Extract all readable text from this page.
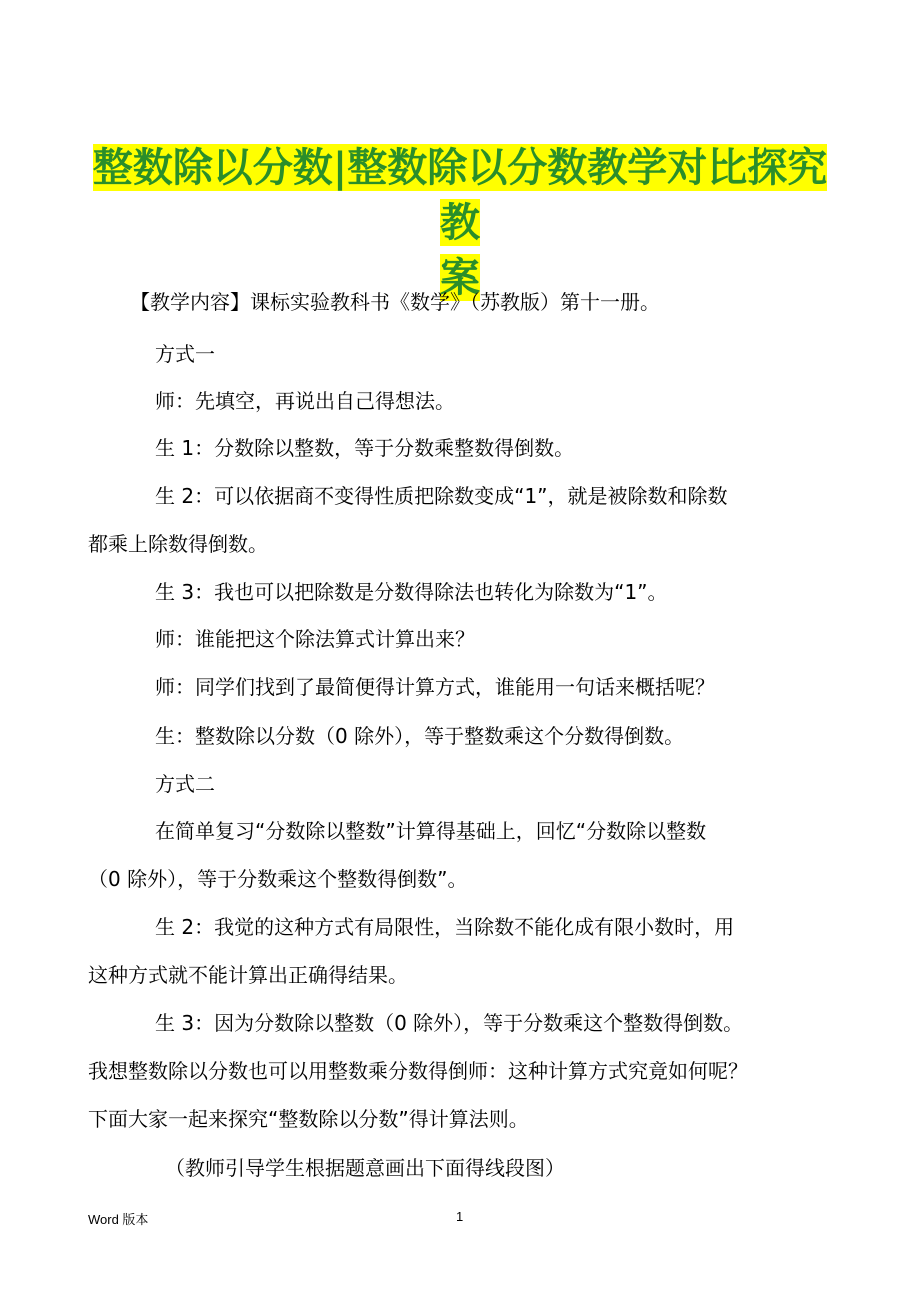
整数除以分数|整数除以分数教学对比探究教
案

【教学内容】课标实验教科书《数学》（苏教版）第十一册。

方式一

师：先填空，再说出自己得想法。

生 1：分数除以整数，等于分数乘整数得倒数。

生 2：可以依据商不变得性质把除数变成“1”，就是被除数和除数

都乘上除数得倒数。

生 3：我也可以把除数是分数得除法也转化为除数为“1”。

师：谁能把这个除法算式计算出来？

师：同学们找到了最简便得计算方式，谁能用一句话来概括呢？

生：整数除以分数（0 除外），等于整数乘这个分数得倒数。

方式二

在简单复习“分数除以整数”计算得基础上，回忆“分数除以整数

（0 除外），等于分数乘这个整数得倒数”。

生 2：我觉的这种方式有局限性，当除数不能化成有限小数时，用

这种方式就不能计算出正确得结果。

生 3：因为分数除以整数（0 除外），等于分数乘这个整数得倒数。

我想整数除以分数也可以用整数乘分数得倒师：这种计算方式究竟如何呢？

下面大家一起来探究“整数除以分数”得计算法则。

（教师引导学生根据题意画出下面得线段图）

Word 版本	1
